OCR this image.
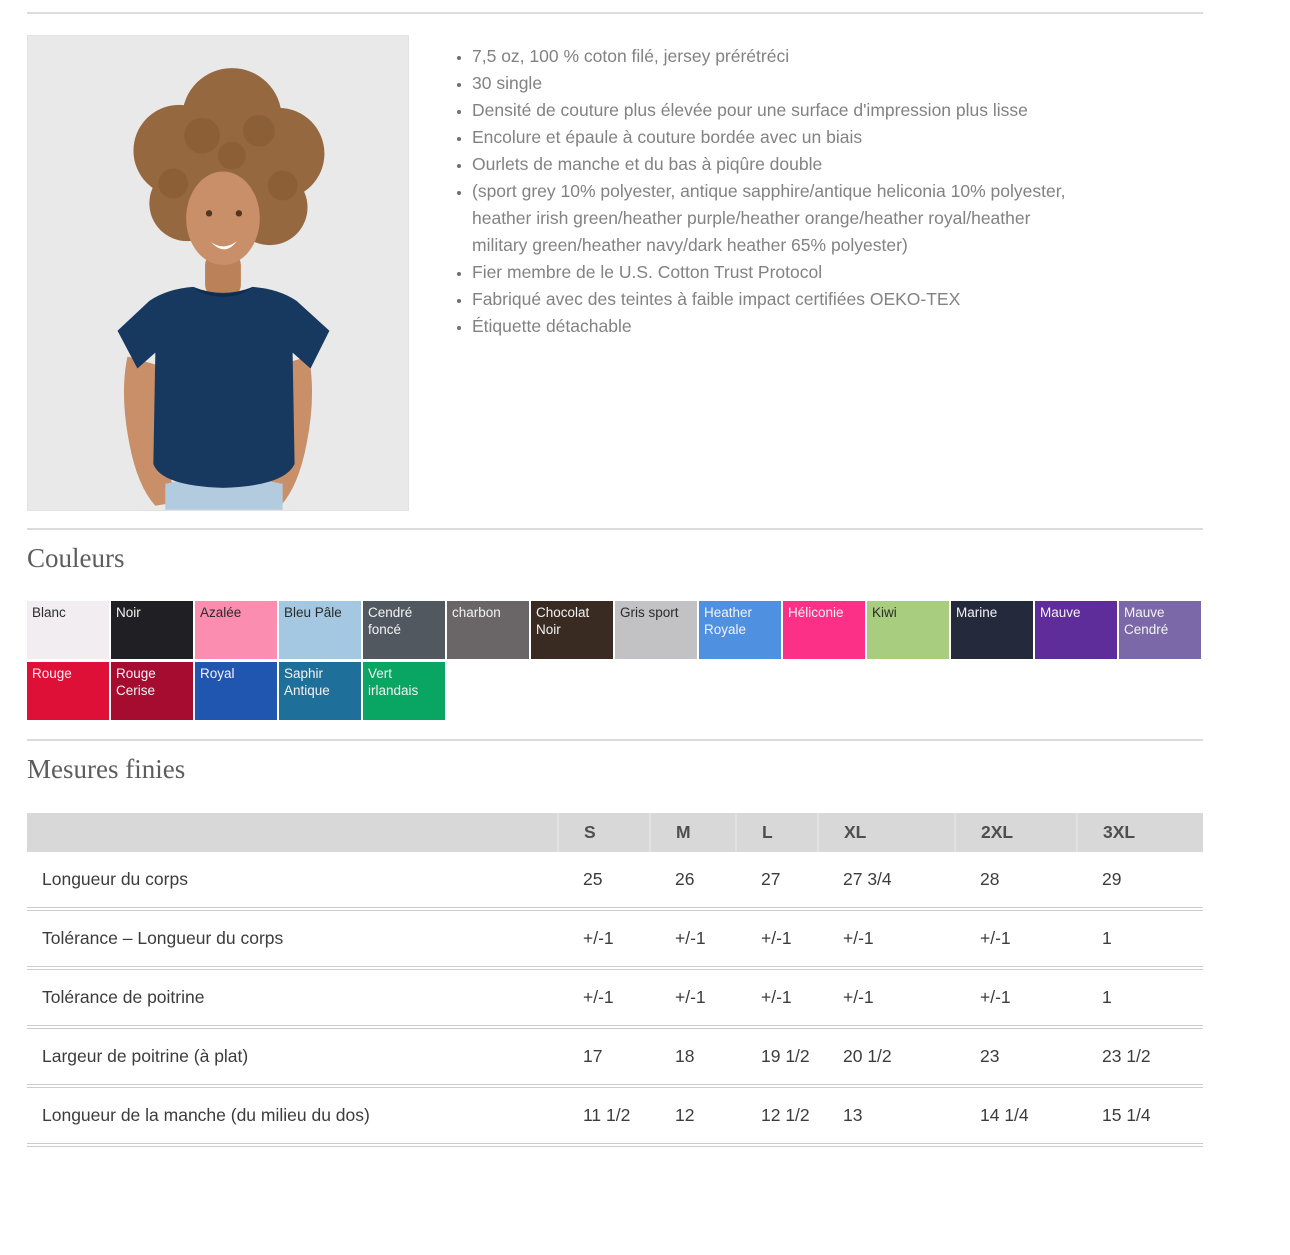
• 7,5 oz, 100 % coton filé, jersey prérétréci
• 30 single
• Densité de couture plus élevée pour une surface d'impression plus lisse
• Encolure et épaule à couture bordée avec un biais
• Ourlets de manche et du bas à piqûre double
• (sport grey 10% polyester, antique sapphire/antique heliconia 10% polyester, heather irish green/heather purple/heather orange/heather royal/heather military green/heather navy/dark heather 65% polyester)
• Fier membre de le U.S. Cotton Trust Protocol
• Fabriqué avec des teintes à faible impact certifiées OEKO-TEX
• Étiquette détachable
Couleurs
Blanc	Noir	Azalée	Bleu Pâle	Cendré foncé
charbon	Chocolat Noir
Gris sport	Heather Royale
Héliconie	Kiwi	Marine	Mauve	Mauve Cendré
Rouge	Rouge Cerise
Royal	Saphir Antique
Vert irlandais
Mesures finies
	S	M	L	XL	2XL	3XL
Longueur du corps	25	26	27	27 3/4	28	29
Tolérance – Longueur du corps	+/-1	+/-1	+/-1	+/-1	+/-1	1
Tolérance de poitrine	+/-1	+/-1	+/-1	+/-1	+/-1	1
Largeur de poitrine (à plat)	17	18	19 1/2	20 1/2	23	23 1/2
Longueur de la manche (du milieu du dos)	11 1/2	12	12 1/2	13	14 1/4	15 1/4
